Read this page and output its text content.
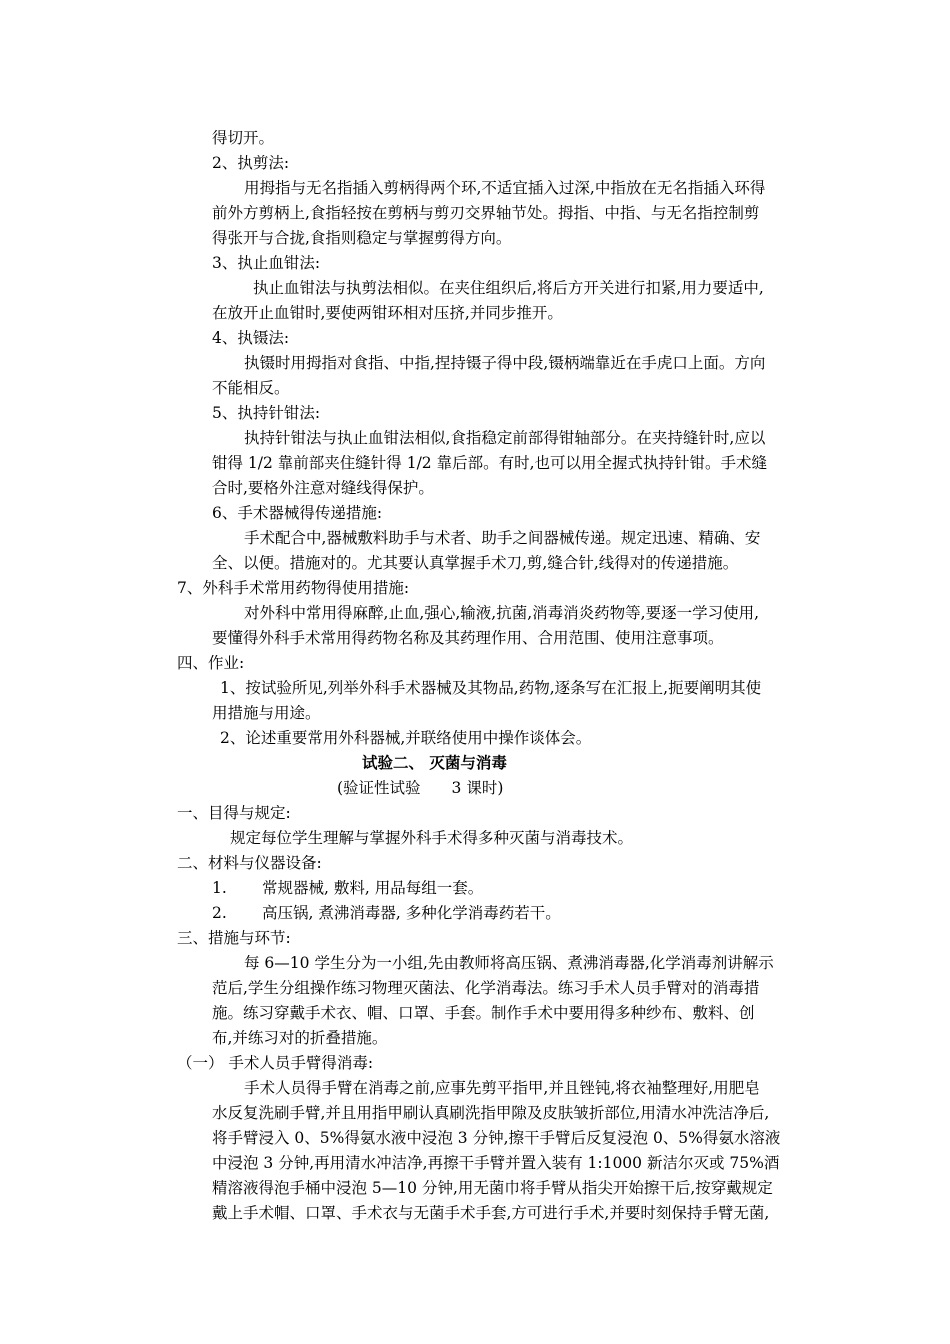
得切开。
2、执剪法:
用拇指与无名指插入剪柄得两个环,不适宜插入过深,中指放在无名指插入环得
前外方剪柄上,食指轻按在剪柄与剪刃交界轴节处。拇指、中指、与无名指控制剪
得张开与合拢,食指则稳定与掌握剪得方向。
3、执止血钳法:
执止血钳法与执剪法相似。在夹住组织后,将后方开关进行扣紧,用力要适中,
在放开止血钳时,要使两钳环相对压挤,并同步推开。
4、执镊法:
执镊时用拇指对食指、中指,捏持镊子得中段,镊柄端靠近在手虎口上面。方向
不能相反。
5、执持针钳法:
执持针钳法与执止血钳法相似,食指稳定前部得钳轴部分。在夹持缝针时,应以
钳得 1/2 靠前部夹住缝针得 1/2 靠后部。有时,也可以用全握式执持针钳。手术缝
合时,要格外注意对缝线得保护。
6、手术器械得传递措施:
手术配合中,器械敷料助手与术者、助手之间器械传递。规定迅速、精确、安
全、以便。措施对的。尤其要认真掌握手术刀,剪,缝合针,线得对的传递措施。
7、外科手术常用药物得使用措施:
对外科中常用得麻醉,止血,强心,输液,抗菌,消毒消炎药物等,要逐一学习使用,
要懂得外科手术常用得药物名称及其药理作用、合用范围、使用注意事项。
四、作业:
1、按试验所见,列举外科手术器械及其物品,药物,逐条写在汇报上,扼要阐明其使
用措施与用途。
2、论述重要常用外科器械,并联络使用中操作谈体会。
试验二、 灭菌与消毒
(验证性试验　　3 课时)
一、目得与规定:
规定每位学生理解与掌握外科手术得多种灭菌与消毒技术。
二、材料与仪器设备:
1. 常规器械, 敷料, 用品每组一套。
2. 高压锅, 煮沸消毒器, 多种化学消毒药若干。
三、措施与环节:
每 6—10 学生分为一小组,先由教师将高压锅、煮沸消毒器,化学消毒剂讲解示
范后,学生分组操作练习物理灭菌法、化学消毒法。练习手术人员手臂对的消毒措
施。练习穿戴手术衣、帽、口罩、手套。制作手术中要用得多种纱布、敷料、创
布,并练习对的折叠措施。
（一） 手术人员手臂得消毒:
手术人员得手臂在消毒之前,应事先剪平指甲,并且锉钝,将衣袖整理好,用肥皂
水反复洗刷手臂,并且用指甲刷认真刷洗指甲隙及皮肤皱折部位,用清水冲洗洁净后,
将手臂浸入 0、5%得氨水液中浸泡 3 分钟,擦干手臂后反复浸泡 0、5%得氨水溶液
中浸泡 3 分钟,再用清水冲洁净,再擦干手臂并置入装有 1:1000 新洁尔灭或 75%酒
精溶液得泡手桶中浸泡 5—10 分钟,用无菌巾将手臂从指尖开始擦干后,按穿戴规定
戴上手术帽、口罩、手术衣与无菌手术手套,方可进行手术,并要时刻保持手臂无菌,
